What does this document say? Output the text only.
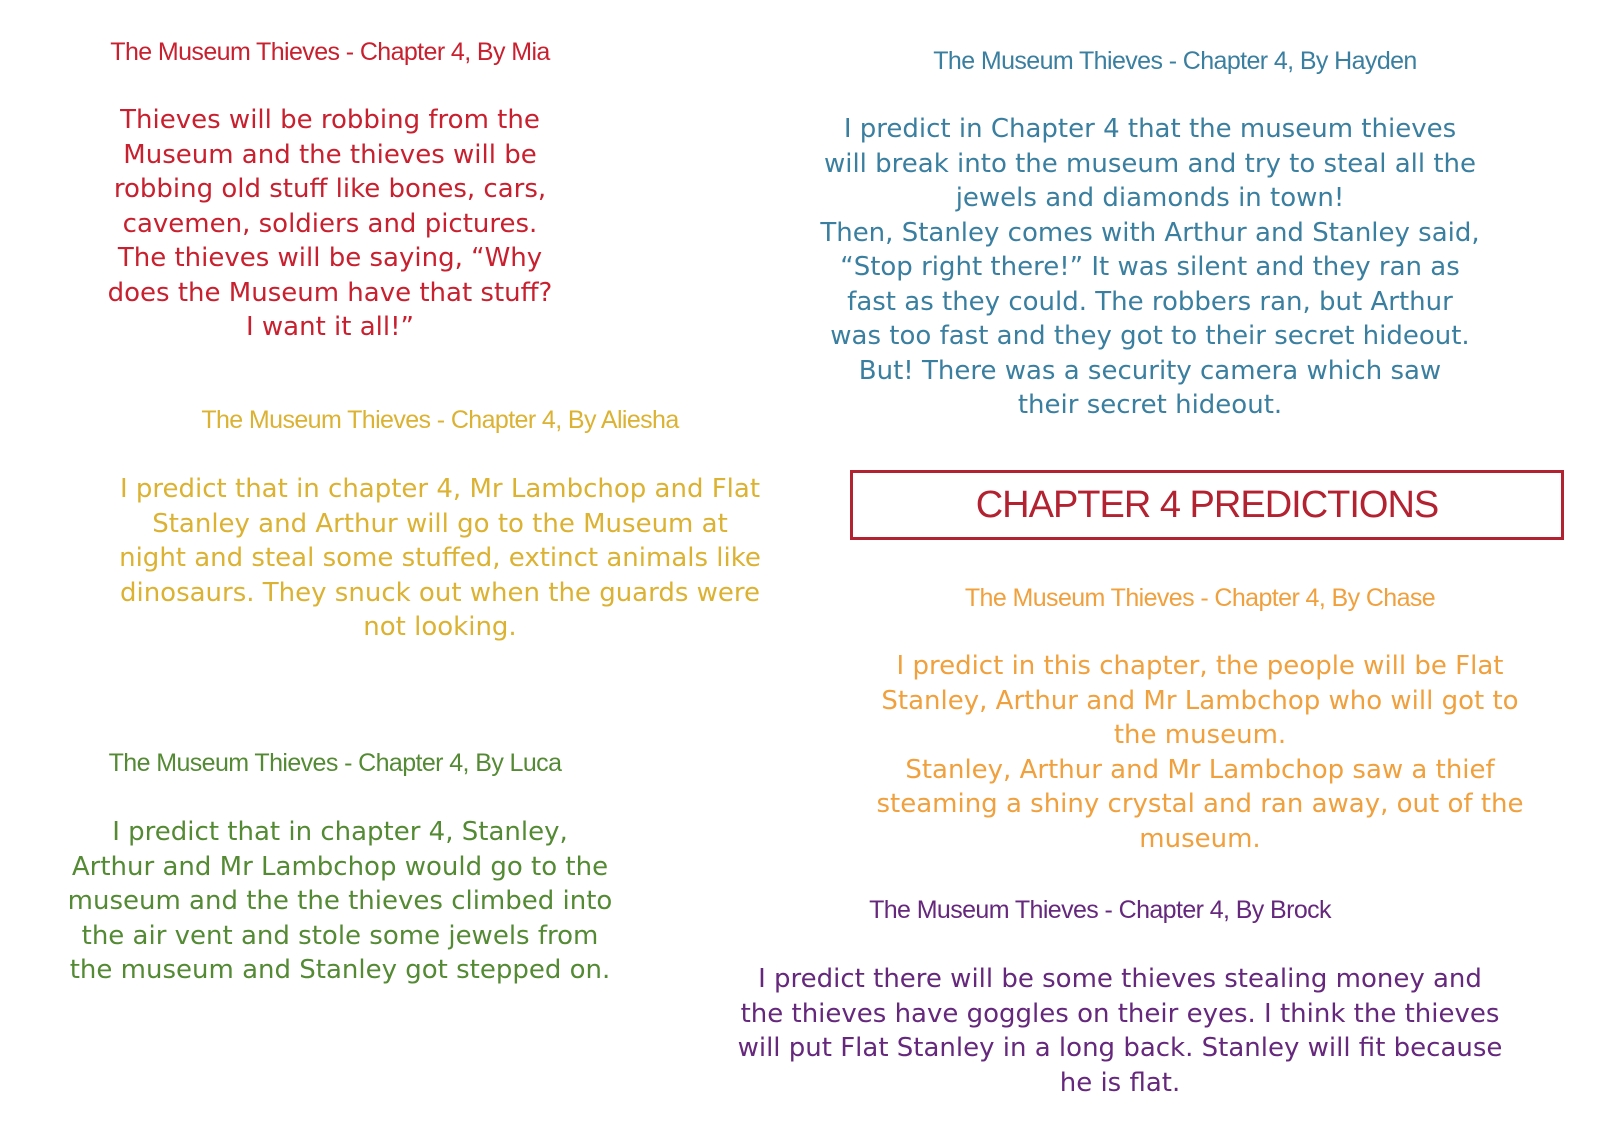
The Museum Thieves - Chapter 4, By Mia
Thieves will be robbing from the
Museum and the thieves will be
robbing old stuff like bones, cars,
cavemen, soldiers and pictures.
The thieves will be saying, “Why
does the Museum have that stuff?
I want it all!”
The Museum Thieves - Chapter 4, By Hayden
I predict in Chapter 4 that the museum thieves
will break into the museum and try to steal all the
jewels and diamonds in town!
Then, Stanley comes with Arthur and Stanley said,
“Stop right there!” It was silent and they ran as
fast as they could. The robbers ran, but Arthur
was too fast and they got to their secret hideout.
But! There was a security camera which saw
their secret hideout.
The Museum Thieves - Chapter 4, By Aliesha
I predict that in chapter 4, Mr Lambchop and Flat
Stanley and Arthur will go to the Museum at
night and steal some stuffed, extinct animals like
dinosaurs. They snuck out when the guards were
not looking.
CHAPTER 4 PREDICTIONS
The Museum Thieves - Chapter 4, By Chase
I predict in this chapter, the people will be Flat
Stanley, Arthur and Mr Lambchop who will got to
the museum.
Stanley, Arthur and Mr Lambchop saw a thief
steaming a shiny crystal and ran away, out of the
museum.
The Museum Thieves - Chapter 4, By Luca
I predict that in chapter 4, Stanley,
Arthur and Mr Lambchop would go to the
museum and the the thieves climbed into
the air vent and stole some jewels from
the museum and Stanley got stepped on.
The Museum Thieves - Chapter 4, By Brock
I predict there will be some thieves stealing money and
the thieves have goggles on their eyes. I think the thieves
will put Flat Stanley in a long back. Stanley will fit because
he is flat.
